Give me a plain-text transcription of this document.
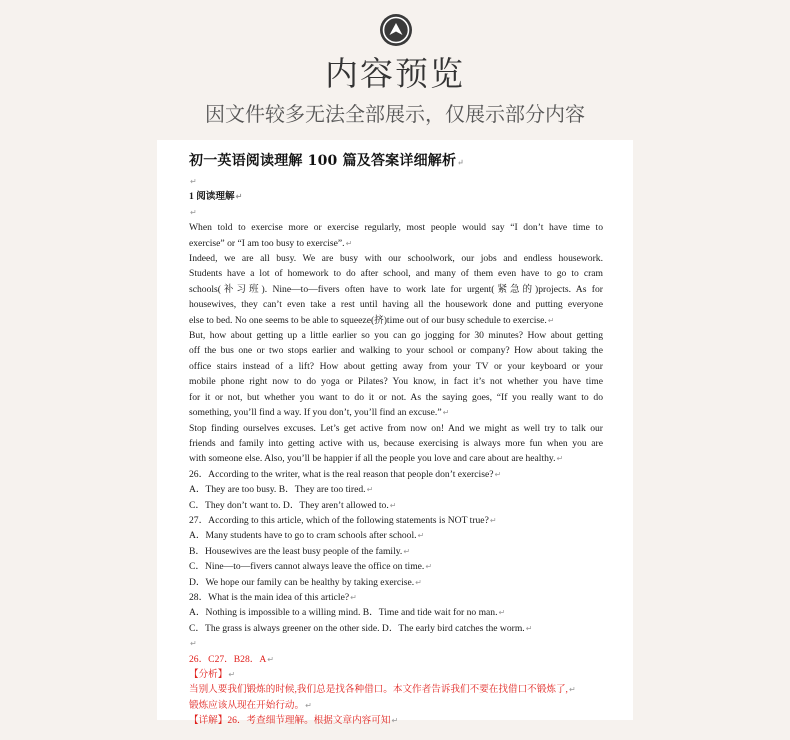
内容预览
因文件较多无法全部展示，仅展示部分内容
初一英语阅读理解 100 篇及答案详细解析↵
↵
1 阅读理解↵
↵
When told to exercise more or exercise regularly, most people would say “I don’t have time to
exercise” or “I am too busy to exercise”.↵
Indeed, we are all busy. We are busy with our schoolwork, our jobs and endless housework.
Students have a lot of homework to do after school, and many of them even have to go to cram
schools(补习班). Nine—to—fivers often have to work late for urgent(紧急的)projects. As for
housewives, they can’t even take a rest until having all the housework done and putting everyone
else to bed. No one seems to be able to squeeze(挤)time out of our busy schedule to exercise.↵
But, how about getting up a little earlier so you can go jogging for 30 minutes? How about getting
off the bus one or two stops earlier and walking to your school or company? How about taking the
office stairs instead of a lift? How about getting away from your TV or your keyboard or your
mobile phone right now to do yoga or Pilates? You know, in fact it’s not whether you have time
for it or not, but whether you want to do it or not. As the saying goes, “If you really want to do
something, you’ll find a way. If you don’t, you’ll find an excuse.”↵
Stop finding ourselves excuses. Let’s get active from now on! And we might as well try to talk our
friends and family into getting active with us, because exercising is always more fun when you are
with someone else. Also, you’ll be happier if all the people you love and care about are healthy.↵
26．According to the writer, what is the real reason that people don’t exercise?↵
A．They are too busy. B．They are too tired.↵
C．They don’t want to. D．They aren’t allowed to.↵
27．According to this article, which of the following statements is NOT true?↵
A．Many students have to go to cram schools after school.↵
B．Housewives are the least busy people of the family.↵
C．Nine—to—fivers cannot always leave the office on time.↵
D．We hope our family can be healthy by taking exercise.↵
28．What is the main idea of this article?↵
A．Nothing is impossible to a willing mind. B．Time and tide wait for no man.↵
C．The grass is always greener on the other side. D．The early bird catches the worm.↵
↵
26．C27．B28．A↵
【分析】↵
当别人要我们锻炼的时候,我们总是找各种借口。本文作者告诉我们不要在找借口不锻炼了,↵
锻炼应该从现在开始行动。↵
【详解】26．考查细节理解。根据文章内容可知↵
